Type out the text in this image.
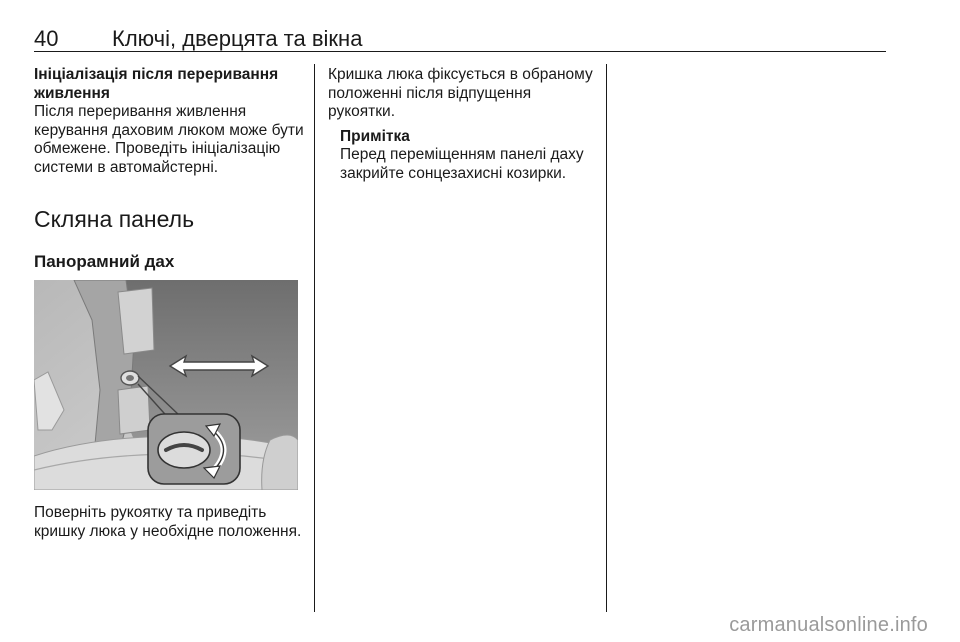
40 Ключі, дверцята та вікна
Ініціалізація після переривання живлення
Після переривання живлення керування даховим люком може бути обмежене. Проведіть ініціалізацію системи в автомайстерні.
Скляна панель
Панорамний дах
Поверніть рукоятку та приведіть кришку люка у необхідне положення.
Кришка люка фіксується в обраному положенні після відпущення рукоятки.
Примітка
Перед переміщенням панелі даху закрийте сонцезахисні козирки.
carmanualsonline.info
